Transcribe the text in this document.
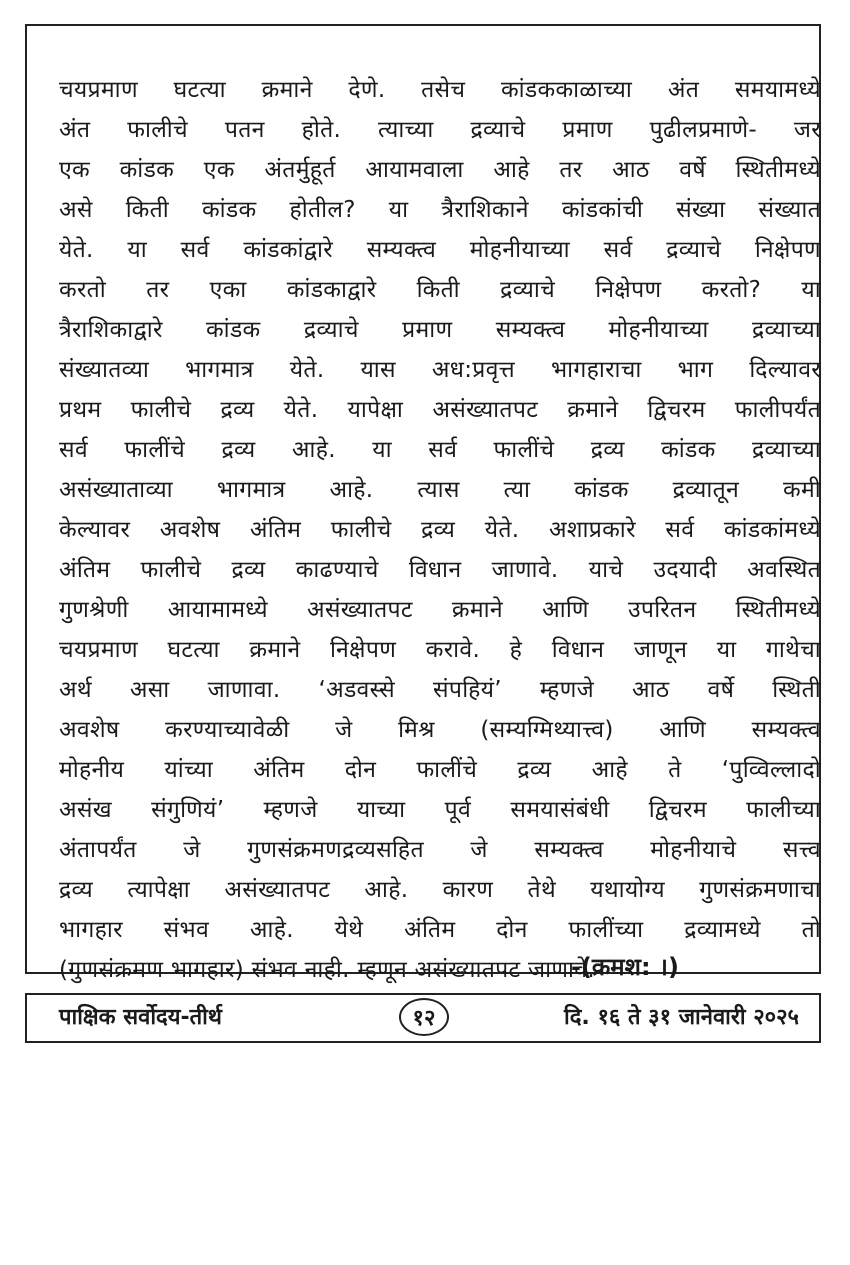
चयप्रमाण घटत्या क्रमाने देणे. तसेच कांडककाळाच्या अंत समयामध्ये
अंत फालीचे पतन होते. त्याच्या द्रव्याचे प्रमाण पुढीलप्रमाणे- जर
एक कांडक एक अंतर्मुहूर्त आयामवाला आहे तर आठ वर्षे स्थितीमध्ये
असे किती कांडक होतील? या त्रैराशिकाने कांडकांची संख्या संख्यात
येते. या सर्व कांडकांद्वारे सम्यक्त्व मोहनीयाच्या सर्व द्रव्याचे निक्षेपण
करतो तर एका कांडकाद्वारे किती द्रव्याचे निक्षेपण करतो? या
त्रैराशिकाद्वारे कांडक द्रव्याचे प्रमाण सम्यक्त्व मोहनीयाच्या द्रव्याच्या
संख्यातव्या भागमात्र येते. यास अध:प्रवृत्त भागहाराचा भाग दिल्यावर
प्रथम फालीचे द्रव्य येते. यापेक्षा असंख्यातपट क्रमाने द्विचरम फालीपर्यंत
सर्व फालींचे द्रव्य आहे. या सर्व फालींचे द्रव्य कांडक द्रव्याच्या
असंख्याताव्या भागमात्र आहे. त्यास त्या कांडक द्रव्यातून कमी
केल्यावर अवशेष अंतिम फालीचे द्रव्य येते. अशाप्रकारे सर्व कांडकांमध्ये
अंतिम फालीचे द्रव्य काढण्याचे विधान जाणावे. याचे उदयादी अवस्थित
गुणश्रेणी आयामामध्ये असंख्यातपट क्रमाने आणि उपरितन स्थितीमध्ये
चयप्रमाण घटत्या क्रमाने निक्षेपण करावे. हे विधान जाणून या गाथेचा
अर्थ असा जाणावा. ‘अडवस्से संपहियं’ म्हणजे आठ वर्षे स्थिती
अवशेष करण्याच्यावेळी जे मिश्र (सम्यग्मिथ्यात्त्व) आणि सम्यक्त्व
मोहनीय यांच्या अंतिम दोन फालींचे द्रव्य आहे ते ‘पुव्विल्लादो
असंख संगुणियं’ म्हणजे याच्या पूर्व समयासंबंधी द्विचरम फालीच्या
अंतापर्यंत जे गुणसंक्रमणद्रव्यसहित जे सम्यक्त्व मोहनीयाचे सत्त्व
द्रव्य त्यापेक्षा असंख्यातपट आहे. कारण तेथे यथायोग्य गुणसंक्रमणाचा
भागहार संभव आहे. येथे अंतिम दोन फालींच्या द्रव्यामध्ये तो
(गुणसंक्रमण भागहार) संभव नाही. म्हणून असंख्यातपट जाणावे.
-(क्रमश: ।)
पाक्षिक सर्वोदय-तीर्थ	१२	दि. १६ ते ३१ जानेवारी २०२५
